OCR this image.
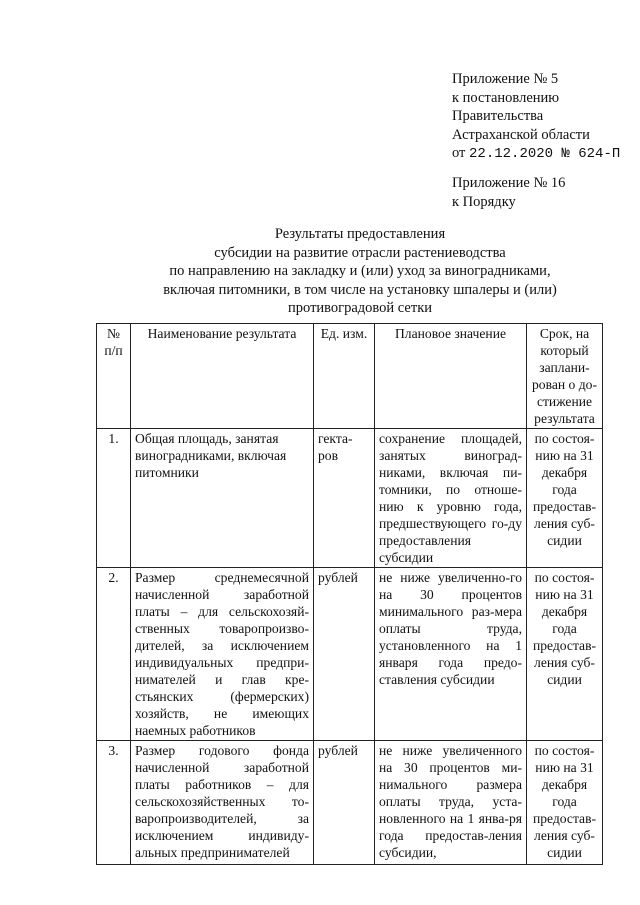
Приложение № 5
к постановлению
Правительства
Астраханской области
от 22.12.2020 № 624-П
Приложение № 16
к Порядку
Результаты предоставления
субсидии на развитие отрасли растениеводства
по направлению на закладку и (или) уход за виноградниками,
включая питомники, в том числе на установку шпалеры и (или)
противоградовой сетки
№ п/п	Наименование результата	Ед. изм.	Плановое значение	Срок, на который заплани-рован о до-стижение результата
1.	Общая площадь, занятая виноградниками, включая питомники	гекта-ров	сохранение площадей, занятых виноград-никами, включая пи-томники, по отноше-нию к уровню года, предшествующего го-ду предоставления субсидии	по состоя-нию на 31 декабря года предостав-ления суб-сидии
2.	Размер среднемесячной начисленной заработной платы – для сельскохозяй-ственных товаропроизво-дителей, за исключением индивидуальных предпри-нимателей и глав кре-стьянских (фермерских) хозяйств, не имеющих наемных работников	рублей	не ниже увеличенно-го на 30 процентов минимального раз-мера оплаты труда, установленного на 1 января года предо-ставления субсидии	по состоя-нию на 31 декабря года предостав-ления суб-сидии
3.	Размер годового фонда начисленной заработной платы работников – для сельскохозяйственных то-варопроизводителей, за исключением индивиду-альных предпринимателей	рублей	не ниже увеличенного на 30 процентов ми-нимального размера оплаты труда, уста-новленного на 1 янва-ря года предостав-ления субсидии,	по состоя-нию на 31 декабря года предостав-ления суб-сидии
